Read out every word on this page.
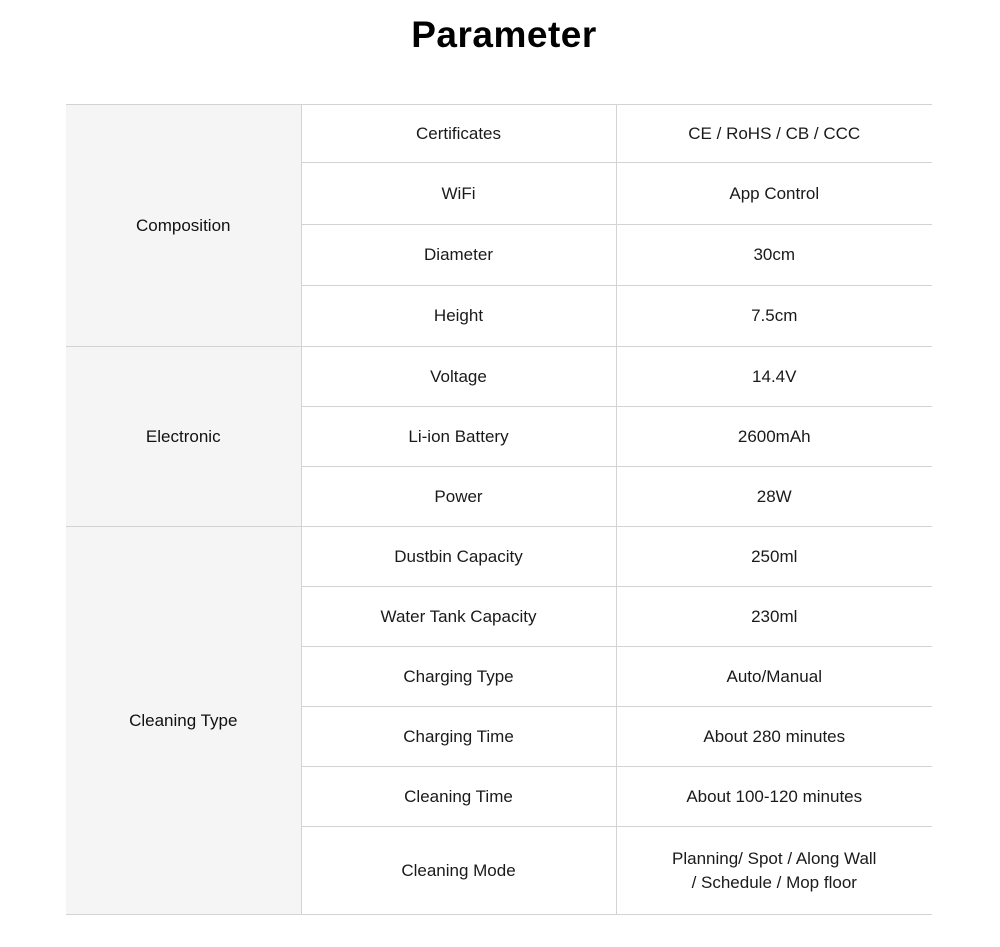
Parameter
Composition	Certificates	CE / RoHS / CB / CCC
	WiFi	App Control
	Diameter	30cm
	Height	7.5cm
Electronic	Voltage	14.4V
	Li-ion Battery	2600mAh
	Power	28W
Cleaning Type	Dustbin Capacity	250ml
	Water Tank Capacity	230ml
	Charging Type	Auto/Manual
	Charging Time	About 280 minutes
	Cleaning Time	About 100-120 minutes
	Cleaning Mode	Planning/ Spot / Along Wall
/ Schedule / Mop floor
